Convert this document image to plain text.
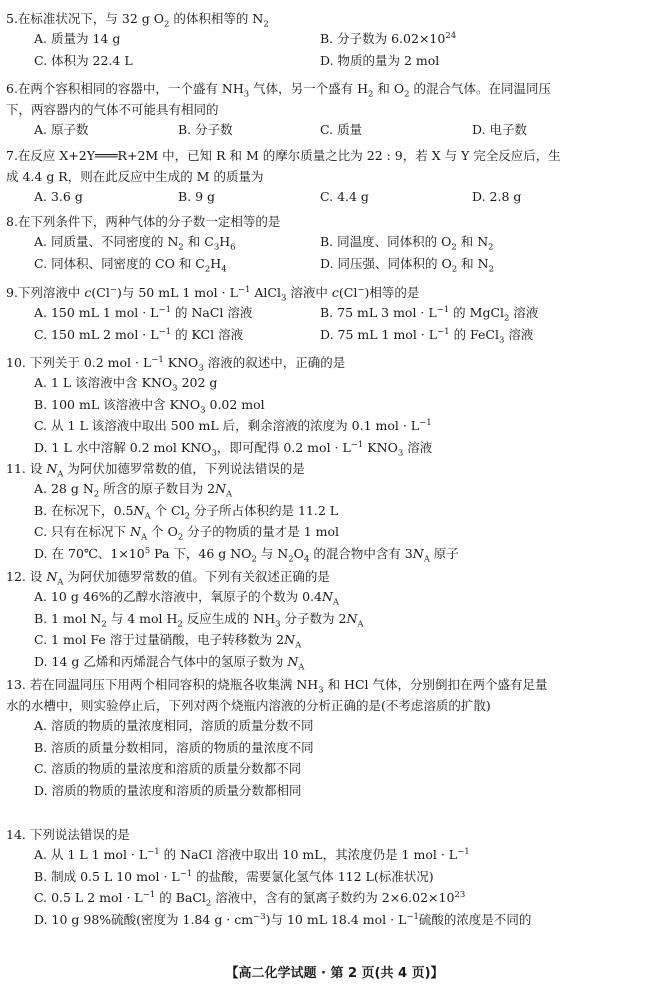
5.在标准状况下，与 32 g $O_2$ 的体积相等的 $N_2$
A. 质量为 14 g	B. 分子数为 $6.02\times 10^{24}$
C. 体积为 22.4 L	D. 物质的量为 2 mol
6.在两个容积相同的容器中，一个盛有 $NH_3$ 气体，另一个盛有 $H_2$ 和 $O_2$ 的混合气体。在同温同压
下，两容器内的气体不可能具有相同的
A. 原子数	B. 分子数	C. 质量	D. 电子数
7.在反应 X+2Y═══R+2M 中，已知 R 和 M 的摩尔质量之比为 22 : 9，若 X 与 Y 完全反应后，生
成 4.4 g R，则在此反应中生成的 M 的质量为
A. 3.6 g	B. 9 g	C. 4.4 g	D. 2.8 g
8.在下列条件下，两种气体的分子数一定相等的是
A. 同质量、不同密度的 $N_2$ 和 $C_3H_6$	B. 同温度、同体积的 $O_2$ 和 $N_2$
C. 同体积、同密度的 CO 和 $C_2H_4$	D. 同压强、同体积的 $O_2$ 和 $N_2$
9.下列溶液中 c(Cl−)与 50 mL 1 mol · $L^{-1}$ AlCl$_3$ 溶液中 c(Cl−)相等的是
A. 150 mL 1 mol · $L^{-1}$ 的 NaCl 溶液	B. 75 mL 3 mol · $L^{-1}$ 的 MgCl$_2$ 溶液
C. 150 mL 2 mol · $L^{-1}$ 的 KCl 溶液	D. 75 mL 1 mol · $L^{-1}$ 的 FeCl$_3$ 溶液
10. 下列关于 0.2 mol · $L^{-1}$ $KNO_3$ 溶液的叙述中，正确的是
A. 1 L 该溶液中含 $KNO_3$ 202 g
B. 100 mL 该溶液中含 $KNO_3$ 0.02 mol
C. 从 1 L 该溶液中取出 500 mL 后，剩余溶液的浓度为 0.1 mol · $L^{-1}$
D. 1 L 水中溶解 0.2 mol $KNO_3$，即可配得 0.2 mol · $L^{-1}$ $KNO_3$ 溶液
11. 设 $N_A$ 为阿伏加德罗常数的值，下列说法错误的是
A. 28 g $N_2$ 所含的原子数目为 $2N_A$
B. 在标况下，$0.5N_A$ 个 $Cl_2$ 分子所占体积约是 11.2 L
C. 只有在标况下 $N_A$ 个 $O_2$ 分子的物质的量才是 1 mol
D. 在 70℃、$1\times 10^5$ Pa 下，46 g $NO_2$ 与 $N_2O_4$ 的混合物中含有 $3N_A$ 原子
12. 设 $N_A$ 为阿伏加德罗常数的值。下列有关叙述正确的是
A. 10 g 46%的乙醇水溶液中，氧原子的个数为 $0.4N_A$
B. 1 mol $N_2$ 与 4 mol $H_2$ 反应生成的 $NH_3$ 分子数为 $2N_A$
C. 1 mol Fe 溶于过量硝酸，电子转移数为 $2N_A$
D. 14 g 乙烯和丙烯混合气体中的氢原子数为 $N_A$
13. 若在同温同压下用两个相同容积的烧瓶各收集满 $NH_3$ 和 HCl 气体，分别倒扣在两个盛有足量
水的水槽中，则实验停止后，下列对两个烧瓶内溶液的分析正确的是(不考虑溶质的扩散)
A. 溶质的物质的量浓度相同，溶质的质量分数不同
B. 溶质的质量分数相同，溶质的物质的量浓度不同
C. 溶质的物质的量浓度和溶质的质量分数都不同
D. 溶质的物质的量浓度和溶质的质量分数都相同
14. 下列说法错误的是
A. 从 1 L 1 mol · $L^{-1}$ 的 NaCl 溶液中取出 10 mL，其浓度仍是 1 mol · $L^{-1}$
B. 制成 0.5 L 10 mol · $L^{-1}$ 的盐酸，需要氯化氢气体 112 L(标准状况)
C. 0.5 L 2 mol · $L^{-1}$ 的 BaCl$_2$ 溶液中，含有的氯离子数约为 $2\times 6.02\times 10^{23}$
D. 10 g 98%硫酸(密度为 1.84 $g \cdot cm^{-3}$)与 10 mL 18.4 mol · $L^{-1}$硫酸的浓度是不同的
【高二化学试题 · 第 2 页(共 4 页)】
